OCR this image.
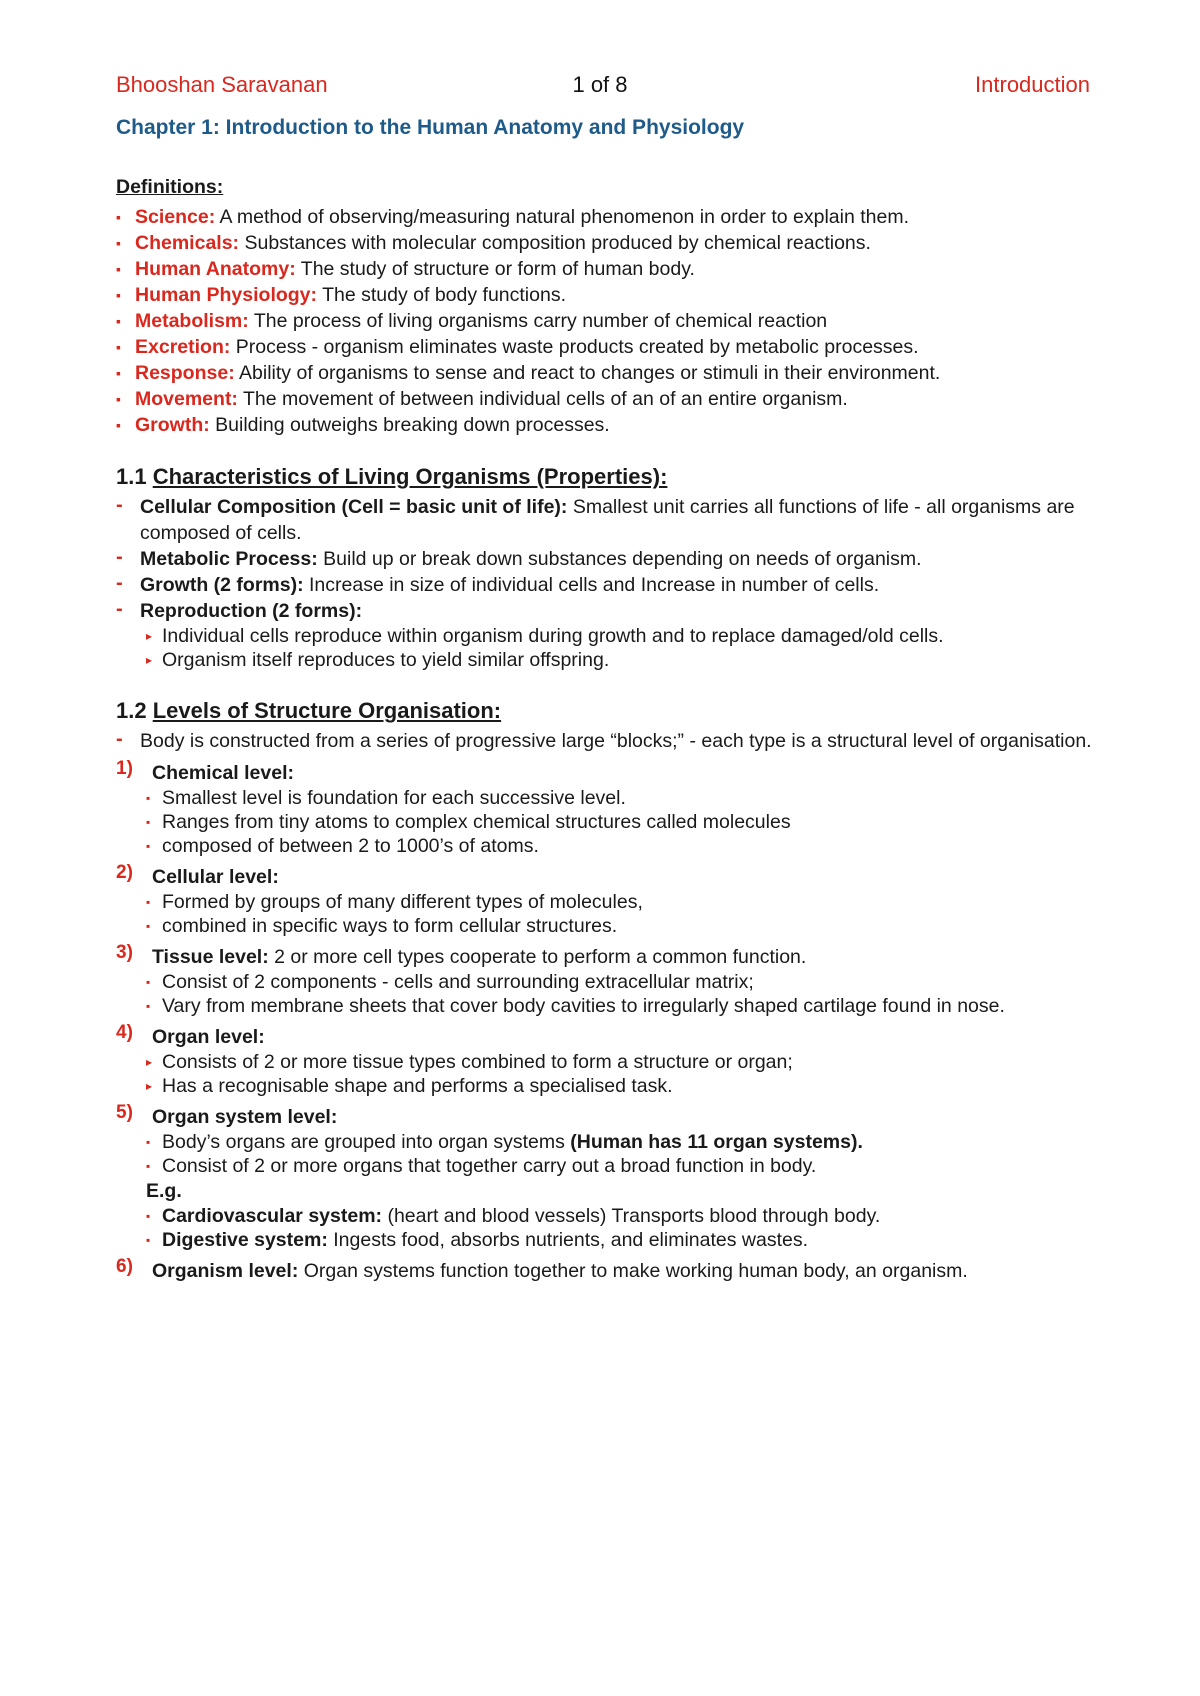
Bhooshan Saravanan	1 of 8	Introduction
Chapter 1: Introduction to the Human Anatomy and Physiology
Definitions:
▪ Science: A method of observing/measuring natural phenomenon in order to explain them.
▪ Chemicals: Substances with molecular composition produced by chemical reactions.
▪ Human Anatomy: The study of structure or form of human body.
▪ Human Physiology: The study of body functions.
▪ Metabolism: The process of living organisms carry number of chemical reaction
▪ Excretion: Process - organism eliminates waste products created by metabolic processes.
▪ Response: Ability of organisms to sense and react to changes or stimuli in their environment.
▪ Movement: The movement of between individual cells of an of an entire organism.
▪ Growth: Building outweighs breaking down processes.
1.1 Characteristics of Living Organisms (Properties):
- Cellular Composition (Cell = basic unit of life): Smallest unit carries all functions of life - all organisms are composed of cells.
- Metabolic Process: Build up or break down substances depending on needs of organism.
- Growth (2 forms): Increase in size of individual cells and Increase in number of cells.
- Reproduction (2 forms):
▸ Individual cells reproduce within organism during growth and to replace damaged/old cells.
▸ Organism itself reproduces to yield similar offspring.
1.2 Levels of Structure Organisation:
- Body is constructed from a series of progressive large “blocks;” - each type is a structural level of organisation.
1) Chemical level:
▪ Smallest level is foundation for each successive level.
▪ Ranges from tiny atoms to complex chemical structures called molecules
▪ composed of between 2 to 1000’s of atoms.
2) Cellular level:
▪ Formed by groups of many different types of molecules,
▪ combined in specific ways to form cellular structures.
3) Tissue level: 2 or more cell types cooperate to perform a common function.
▪ Consist of 2 components - cells and surrounding extracellular matrix;
▪ Vary from membrane sheets that cover body cavities to irregularly shaped cartilage found in nose.
4) Organ level:
▸ Consists of 2 or more tissue types combined to form a structure or organ;
▸ Has a recognisable shape and performs a specialised task.
5) Organ system level:
▪ Body’s organs are grouped into organ systems (Human has 11 organ systems).
▪ Consist of 2 or more organs that together carry out a broad function in body.
E.g.
▪ Cardiovascular system: (heart and blood vessels) Transports blood through body.
▪ Digestive system: Ingests food, absorbs nutrients, and eliminates wastes.
6) Organism level: Organ systems function together to make working human body, an organism.
